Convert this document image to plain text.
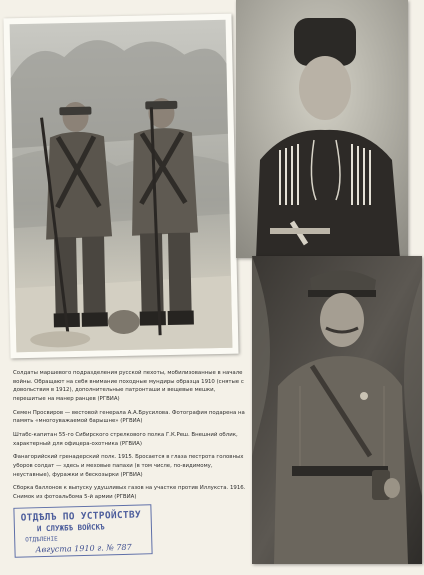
Солдаты маршевого подразделения русской пехоты, мобилизованные в начале войны. Обращают на себя внимание походные мундиры образца 1910 (снятые с довольствия в 1912), дополнительные патронташи и вещевые мешки, перешитые на манер ранцев (РГВИА)

Семен Просвиров — вестовой генерала А.А.Брусилова. Фотография подарена на память «многоуважаемой барышне» (РГВИА)

Штабс-капитан 55-го Сибирского стрелкового полка Г.К.Реш. Внешний облик, характерный для офицера-охотника (РГВИА)

Фанагорийский гренадерский полк. 1915. Бросается в глаза пестрота головных уборов солдат — здесь и меховые папахи (в том числе, по-видимому, неуставные), фуражки и бескозырки (РГВИА)

Сборка баллонов к выпуску удушливых газов на участке против Иллукста. 1916. Снимок из фотоальбома 5-й армии (РГВИА)

ОТДѢЛЪ ПО УСТРОЙСТВУ
И СЛУЖБѢ ВОЙСКЪ
ОТДѢЛЕНІЕ
Августа 1910 г. № 787
